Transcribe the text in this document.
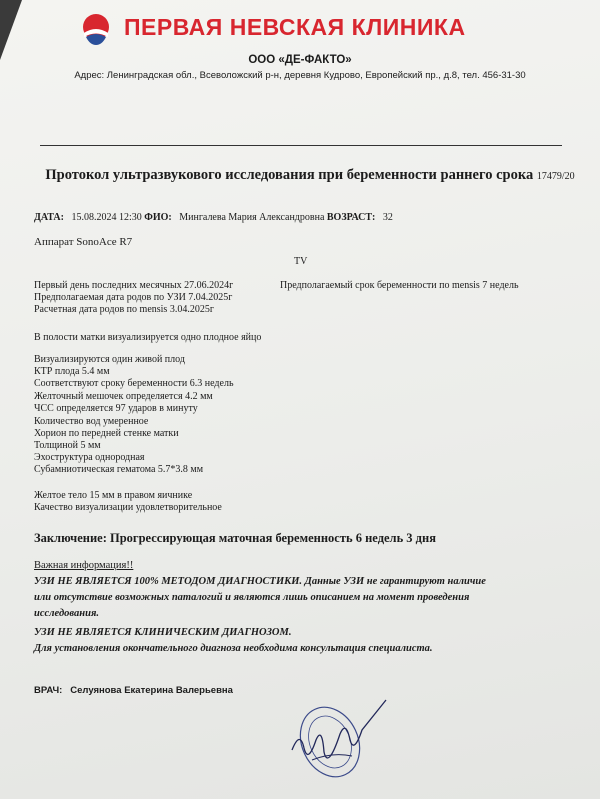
ПЕРВАЯ НЕВСКАЯ КЛИНИКА
ООО «ДЕ-ФАКТО»
Адрес: Ленинградская обл., Всеволожский р-н, деревня Кудрово, Европейский пр., д.8, тел. 456-31-30
Протокол ультразвукового исследования при беременности раннего срока 17479/20
ДАТА: 15.08.2024 12:30 ФИО: Мингалева Мария Александровна ВОЗРАСТ: 32
Аппарат SonoAce R7
TV
Первый день последних месячных 27.06.2024г
Предполагаемая дата родов по УЗИ 7.04.2025г
Расчетная дата родов по mensis 3.04.2025г
Предполагаемый срок беременности по mensis 7 недель
В полости матки визуализируется одно плодное яйцо
Визуализируются один живой плод
КТР плода 5.4 мм
Соответствуют сроку беременности 6.3 недель
Желточный мешочек определяется 4.2 мм
ЧСС определяется 97 ударов в минуту
Количество вод умеренное
Хорион по передней стенке матки
Толщиной 5 мм
Эхоструктура однородная
Субамниотическая гематома 5.7*3.8 мм
Желтое тело 15 мм в правом яичнике
Качество визуализации удовлетворительное
Заключение: Прогрессирующая маточная беременность 6 недель 3 дня
Важная информация!!
УЗИ НЕ ЯВЛЯЕТСЯ 100% МЕТОДОМ ДИАГНОСТИКИ. Данные УЗИ не гарантируют наличие
или отсутствие возможных паталогий и являются лишь описанием на момент проведения
исследования.
УЗИ НЕ ЯВЛЯЕТСЯ КЛИНИЧЕСКИМ ДИАГНОЗОМ.
Для установления окончательного диагноза необходима консультация специалиста.
ВРАЧ: Селуянова Екатерина Валерьевна
